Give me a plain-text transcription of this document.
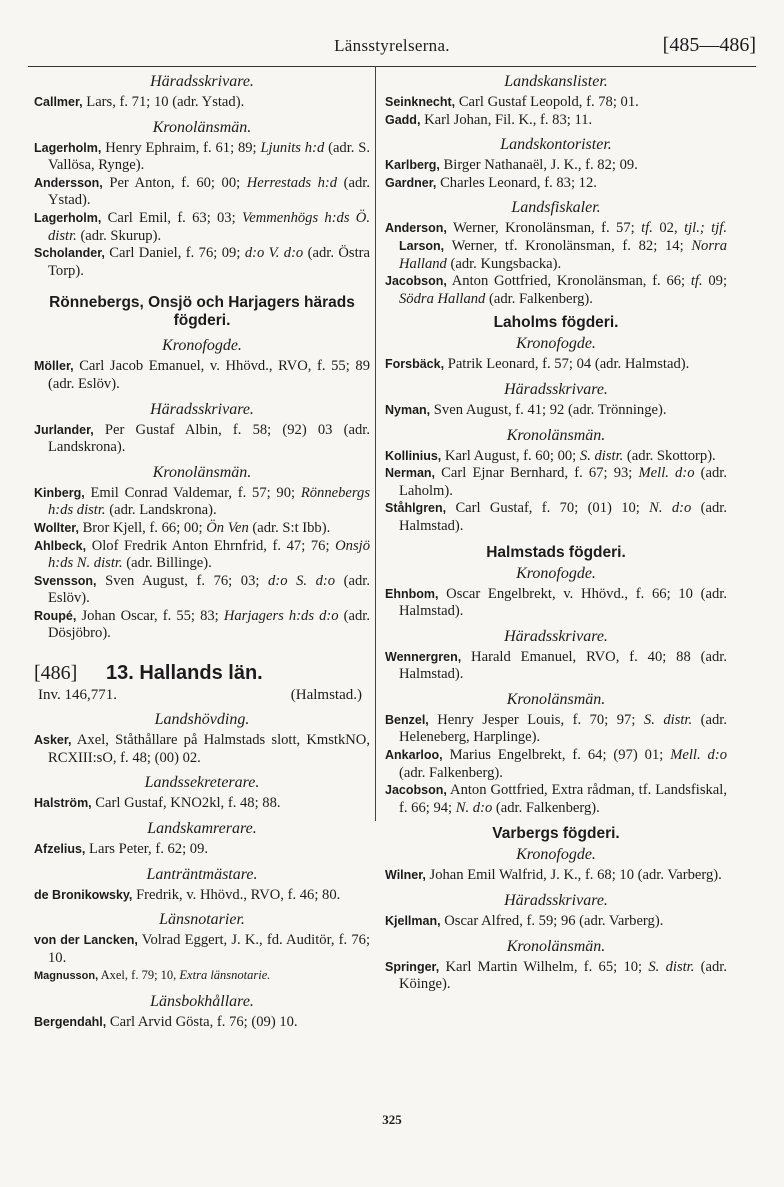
Länsstyrelserna.	[485—486]
Häradsskrivare.

Callmer, Lars, f. 71; 10 (adr. Ystad).

Kronolänsmän.

Lagerholm, Henry Ephraim, f. 61; 89; Ljunits h:d (adr. S. Vallösa, Rynge).

Andersson, Per Anton, f. 60; 00; Herrestads h:d (adr. Ystad).

Lagerholm, Carl Emil, f. 63; 03; Vemmenhögs h:ds Ö. distr. (adr. Skurup).

Scholander, Carl Daniel, f. 76; 09; d:o V. d:o (adr. Östra Torp).

Rönnebergs, Onsjö och Harjagers härads fögderi.
Kronofogde.

Möller, Carl Jacob Emanuel, v. Hhövd., RVO, f. 55; 89 (adr. Eslöv).

Häradsskrivare.

Jurlander, Per Gustaf Albin, f. 58; (92) 03 (adr. Landskrona).

Kronolänsmän.

Kinberg, Emil Conrad Valdemar, f. 57; 90; Rönnebergs h:ds distr. (adr. Landskrona).

Wollter, Bror Kjell, f. 66; 00; Ön Ven (adr. S:t Ibb).

Ahlbeck, Olof Fredrik Anton Ehrnfrid, f. 47; 76; Onsjö h:ds N. distr. (adr. Billinge).

Svensson, Sven August, f. 76; 03; d:o S. d:o (adr. Eslöv).

Roupé, Johan Oscar, f. 55; 83; Harjagers h:ds d:o (adr. Dösjöbro).

[486]	13. Hallands län.
Inv. 146,771.	(Halmstad.)
Landshövding.

Asker, Axel, Ståthållare på Halmstads slott, KmstkNO, RCXIII:sO, f. 48; (00) 02.

Landssekreterare.

Halström, Carl Gustaf, KNO2kl, f. 48; 88.

Landskamrerare.

Afzelius, Lars Peter, f. 62; 09.

Lanträntmästare.

de Bronikowsky, Fredrik, v. Hhövd., RVO, f. 46; 80.

Länsnotarier.

von der Lancken, Volrad Eggert, J. K., fd. Auditör, f. 76; 10.

Magnusson, Axel, f. 79; 10, Extra länsnotarie.

Länsbokhållare.

Bergendahl, Carl Arvid Gösta, f. 76; (09) 10.

Landskanslister.

Seinknecht, Carl Gustaf Leopold, f. 78; 01.

Gadd, Karl Johan, Fil. K., f. 83; 11.

Landskontorister.

Karlberg, Birger Nathanaël, J. K., f. 82; 09.

Gardner, Charles Leonard, f. 83; 12.

Landsfiskaler.

Anderson, Werner, Kronolänsman, f. 57; tf. 02, tjl.; tjf. Larson, Werner, tf. Kronolänsman, f. 82; 14; Norra Halland (adr. Kungsbacka).

Jacobson, Anton Gottfried, Kronolänsman, f. 66; tf. 09; Södra Halland (adr. Falkenberg).

Laholms fögderi.
Kronofogde.

Forsbäck, Patrik Leonard, f. 57; 04 (adr. Halmstad).

Häradsskrivare.

Nyman, Sven August, f. 41; 92 (adr. Trönninge).

Kronolänsmän.

Kollinius, Karl August, f. 60; 00; S. distr. (adr. Skottorp).

Nerman, Carl Ejnar Bernhard, f. 67; 93; Mell. d:o (adr. Laholm).

Ståhlgren, Carl Gustaf, f. 70; (01) 10; N. d:o (adr. Halmstad).

Halmstads fögderi.
Kronofogde.

Ehnbom, Oscar Engelbrekt, v. Hhövd., f. 66; 10 (adr. Halmstad).

Häradsskrivare.

Wennergren, Harald Emanuel, RVO, f. 40; 88 (adr. Halmstad).

Kronolänsmän.

Benzel, Henry Jesper Louis, f. 70; 97; S. distr. (adr. Heleneberg, Harplinge).

Ankarloo, Marius Engelbrekt, f. 64; (97) 01; Mell. d:o (adr. Falkenberg).

Jacobson, Anton Gottfried, Extra rådman, tf. Landsfiskal, f. 66; 94; N. d:o (adr. Falkenberg).

Varbergs fögderi.
Kronofogde.

Wilner, Johan Emil Walfrid, J. K., f. 68; 10 (adr. Varberg).

Häradsskrivare.

Kjellman, Oscar Alfred, f. 59; 96 (adr. Varberg).

Kronolänsmän.

Springer, Karl Martin Wilhelm, f. 65; 10; S. distr. (adr. Köinge).

325
